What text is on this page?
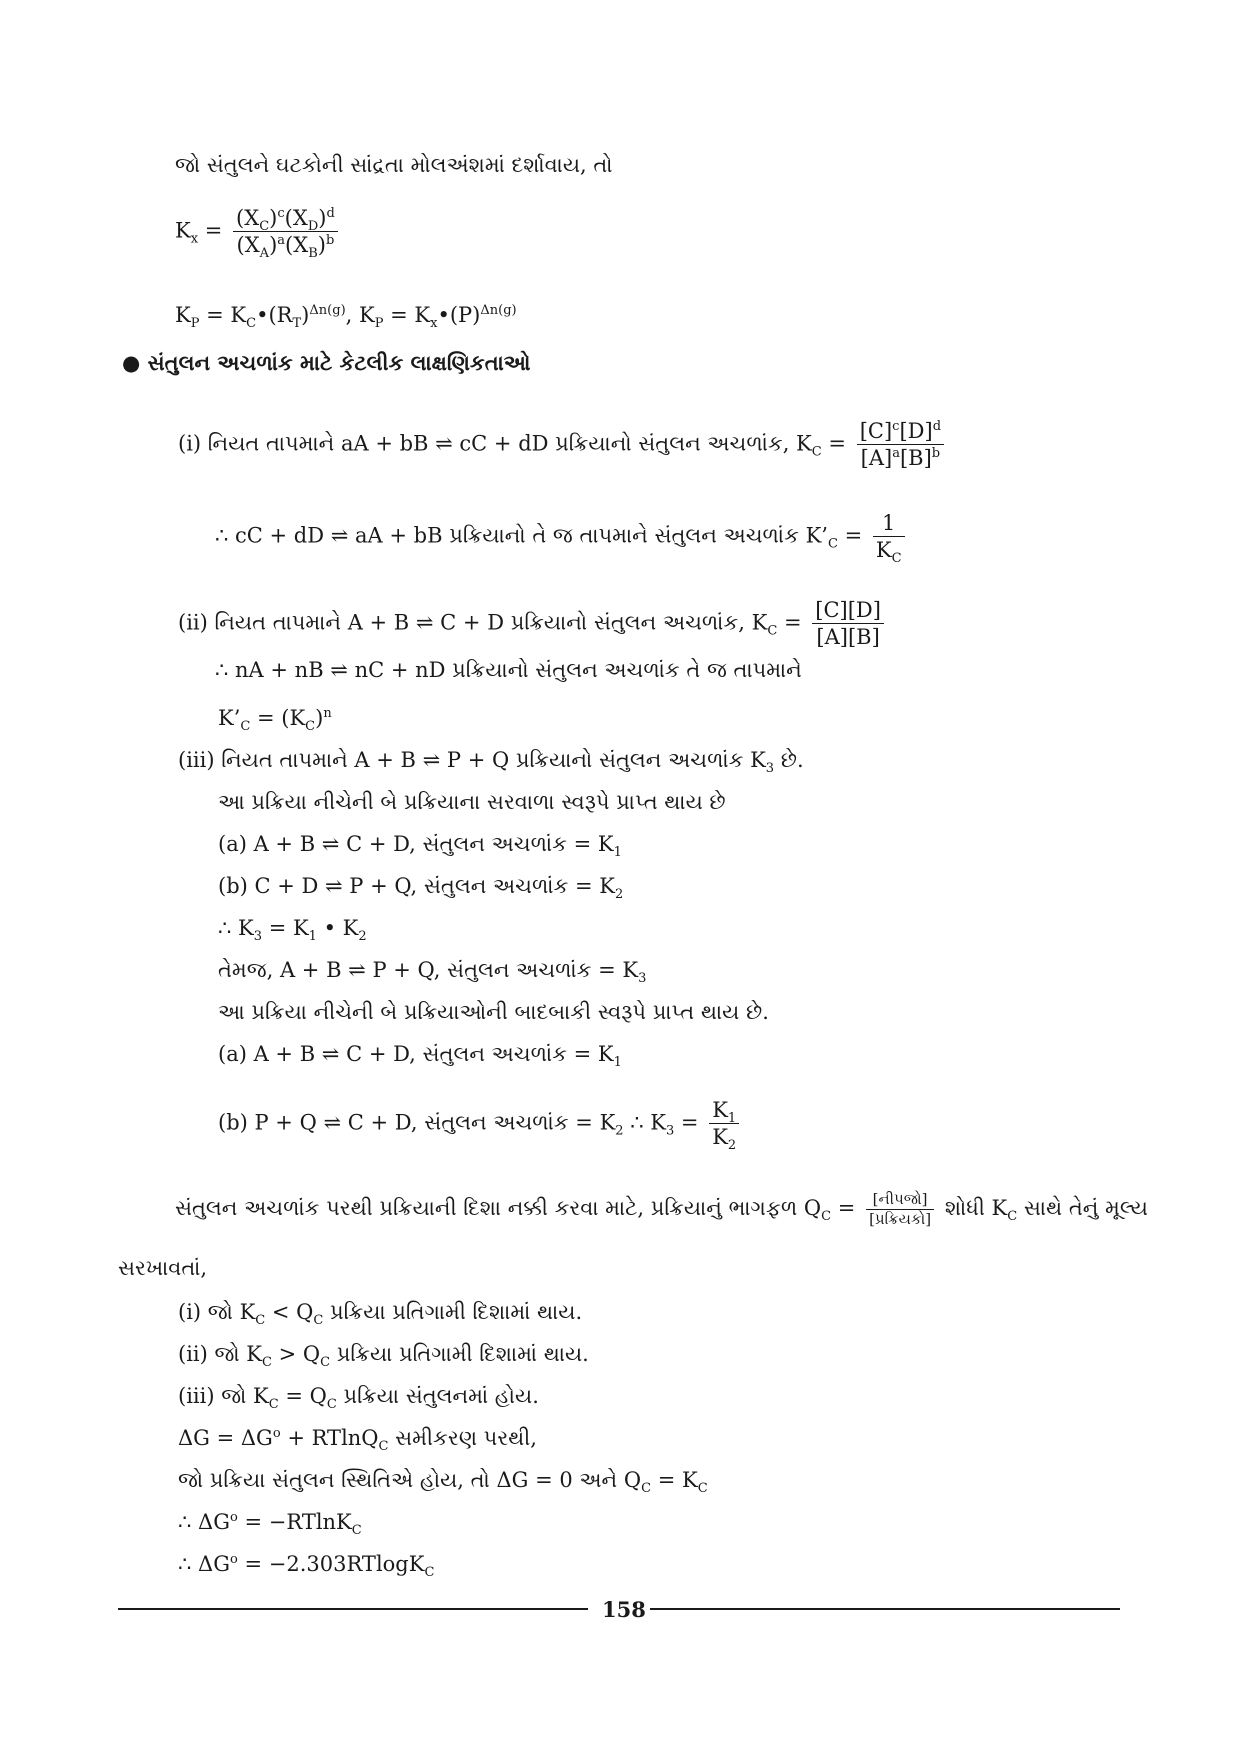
જો સંતુલને ઘટકોની સાંદ્રતા મોલઅંશમાં દર્શાવાય, તો
$K_x = \frac{(X_C)^c(X_D)^d}{(X_A)^a(X_B)^b}$
$K_P$ = $K_C•(R_T)^{\Delta n(g)}$, $K_P$ = $K_x•(P)^{\Delta n(g)}$
● સંતુલન અચળાંક માટે કેટલીક લાક્ષણિકતાઓ
(i) નિયત તાપમાને aA + bB ⇌ cC + dD પ્રક્રિયાનો સંતુલન અચળાંક, $K_C = \frac{[C]^c[D]^d}{[A]^a[B]^b}$
∴ cC + dD ⇌ aA + bB પ્રક્રિયાનો તે જ તાપમાને સંતુલન અચળાંક $K’_C = \frac{1}{K_C}$
(ii) નિયત તાપમાને A + B ⇌ C + D પ્રક્રિયાનો સંતુલન અચળાંક, $K_C = \frac{[C][D]}{[A][B]}$
∴ nA + nB ⇌ nC + nD પ્રક્રિયાનો સંતુલન અચળાંક તે જ તાપમાને
$K’_C = (K_C)^n$
(iii) નિયત તાપમાને A + B ⇌ P + Q પ્રક્રિયાનો સંતુલન અચળાંક $K_3$ છે.
આ પ્રક્રિયા નીચેની બે પ્રક્રિયાના સરવાળા સ્વરૂપે પ્રાપ્ત થાય છે
(a) A + B ⇌ C + D, સંતુલન અચળાંક = $K_1$
(b) C + D ⇌ P + Q, સંતુલન અચળાંક = $K_2$
∴ $K_3 = K_1$ • $K_2$
તેમજ, A + B ⇌ P + Q, સંતુલન અચળાંક = $K_3$
આ પ્રક્રિયા નીચેની બે પ્રક્રિયાઓની બાદબાકી સ્વરૂપે પ્રાપ્ત થાય છે.
(a) A + B ⇌ C + D, સંતુલન અચળાંક = $K_1$
(b) P + Q ⇌ C + D, સંતુલન અચળાંક = $K_2$ ∴ $K_3 = \frac{K_1}{K_2}$
સંતુલન અચળાંક પરથી પ્રક્રિયાની દિશા નક્કી કરવા માટે, પ્રક્રિયાનું ભાગફળ $Q_C = \frac{\text{[નીપજો]}}{\text{[પ્રક્રિયકો]}}$ શોધી $K_C$ સાથે તેનું મૂલ્ય
સરખાવતાં,
(i) જો $K_C < Q_C$ પ્રક્રિયા પ્રતિગામી દિશામાં થાય.
(ii) જો $K_C > Q_C$ પ્રક્રિયા પ્રતિગામી દિશામાં થાય.
(iii) જો $K_C = Q_C$ પ્રક્રિયા સંતુલનમાં હોય.
$\Delta G = \Delta G^o + RTlnQ_C$ સમીકરણ પરથી,
જો પ્રક્રિયા સંતુલન સ્થિતિએ હોય, તો ΔG = 0 અને $Q_C = K_C$
∴ $\Delta G^o = -RTlnK_C$
∴ $\Delta G^o = -2.303RTlogK_C$
158
